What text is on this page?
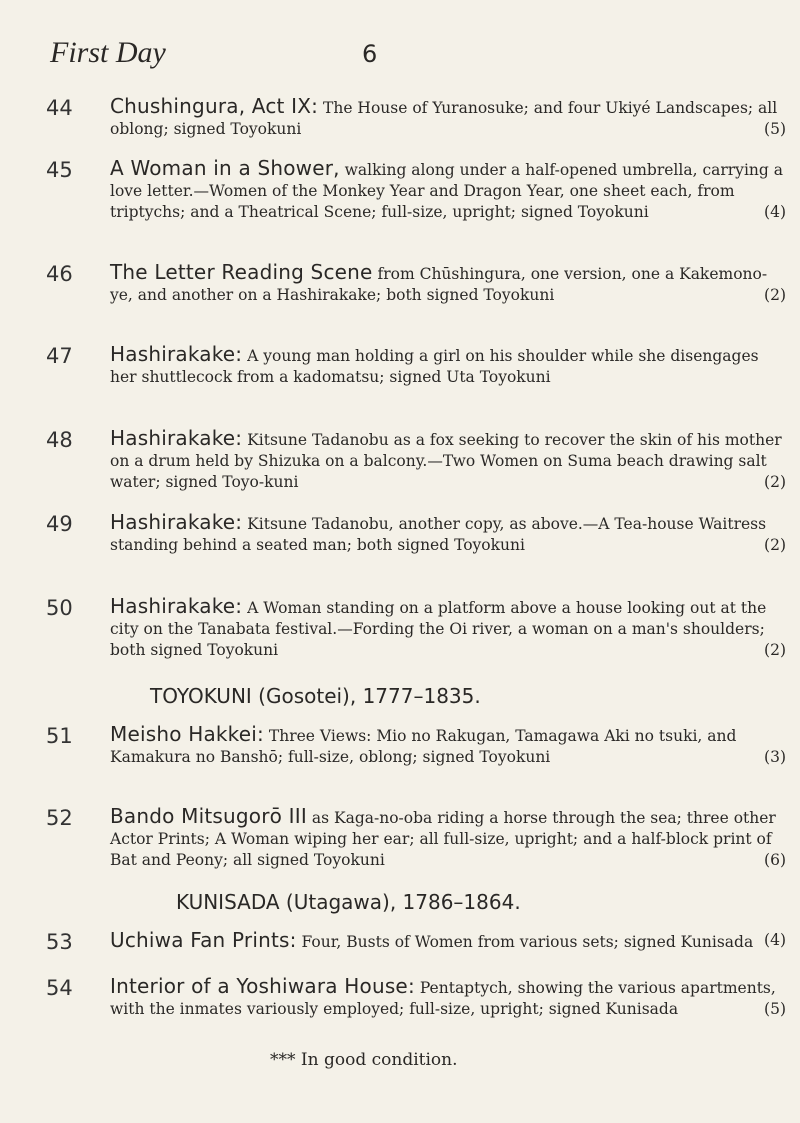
First Day	6
44 Chushingura, Act IX: The House of Yuranosuke; and four Ukiyé Landscapes; all oblong; signed Toyokuni	(5)
45 A Woman in a Shower, walking along under a half-opened umbrella, carrying a love letter.—Women of the Monkey Year and Dragon Year, one sheet each, from triptychs; and a Theatrical Scene; full-size, upright; signed Toyokuni	(4)
46 The Letter Reading Scene from Chūshingura, one version, one a Kakemono-ye, and another on a Hashirakake; both signed Toyokuni	(2)
47 Hashirakake: A young man holding a girl on his shoulder while she disengages her shuttlecock from a kadomatsu; signed Uta Toyokuni
48 Hashirakake: Kitsune Tadanobu as a fox seeking to recover the skin of his mother on a drum held by Shizuka on a balcony.—Two Women on Suma beach drawing salt water; signed Toyo-kuni	(2)
49 Hashirakake: Kitsune Tadanobu, another copy, as above.—A Tea-house Waitress standing behind a seated man; both signed Toyokuni	(2)
50 Hashirakake: A Woman standing on a platform above a house looking out at the city on the Tanabata festival.—Fording the Oi river, a woman on a man's shoulders; both signed Toyokuni	(2)
TOYOKUNI (Gosotei), 1777–1835.
51 Meisho Hakkei: Three Views: Mio no Rakugan, Tamagawa Aki no tsuki, and Kamakura no Banshō; full-size, oblong; signed Toyokuni	(3)
52 Bando Mitsugorō III as Kaga-no-oba riding a horse through the sea; three other Actor Prints; A Woman wiping her ear; all full-size, upright; and a half-block print of Bat and Peony; all signed Toyokuni	(6)
KUNISADA (Utagawa), 1786–1864.
53 Uchiwa Fan Prints: Four, Busts of Women from various sets; signed Kunisada (4)
54 Interior of a Yoshiwara House: Pentaptych, showing the various apartments, with the inmates variously employed; full-size, upright; signed Kunisada	(5)
*** In good condition.
